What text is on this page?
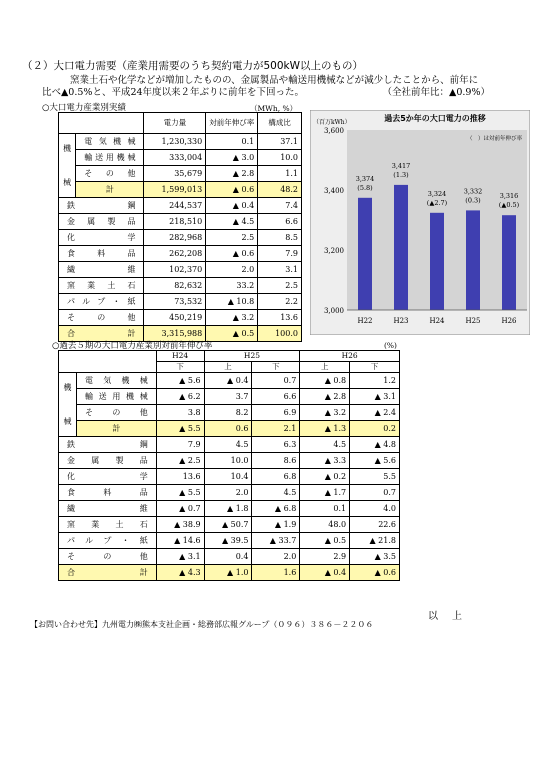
（２）大口電力需要（産業用需要のうち契約電力が500kW以上のもの）
窯業土石や化学などが増加したものの、金属製品や輸送用機械などが減少したことから、前年に
比べ▲0.5%と、平成24年度以来２年ぶりに前年を下回った。	（全社前年比：▲0.9%）
○大口電力産業別実績	（MWh, %）
		電力量	対前年伸び率	構成比

機
械	電気機械	1,230,330	0.1	37.1
	輸送用機械	333,004	▲ 3.0	10.0
	そ の 他	35,679	▲ 2.8	1.1
	計	1,599,013	▲ 0.6	48.2
鉄鋼		244,537	▲ 0.4	7.4
金属製品		218,510	▲ 4.5	6.6
化学		282,968	2.5	8.5
食料品		262,208	▲ 0.6	7.9
繊維		102,370	2.0	3.1
窯業土石		82,632	33.2	2.5
パルプ・紙		73,532	▲ 10.8	2.2
その他		450,219	▲ 3.2	13.6
合計		3,315,988	▲ 0.5	100.0
過去5か年の大口電力の推移
（百万kWh）
（　）は対前年伸び率
3,000
3,200
3,400
3,600
3,374
(5.8)
H22
3,417
(1.3)
H23
3,324
(▲2.7)
H24
3,332
(0.3)
H25
3,316
(▲0.5)
H26
○過去５期の大口電力産業別対前年伸び率	(%)
		H24	H25		H26	
		下	上	下	上	下

機
械	電気機械	▲ 5.6	▲ 0.4	0.7	▲ 0.8	1.2
	輸送用機械	▲ 6.2	3.7	6.6	▲ 2.8	▲ 3.1
	そ の 他	3.8	8.2	6.9	▲ 3.2	▲ 2.4
	計	▲ 5.5	0.6	2.1	▲ 1.3	0.2
鉄鋼		7.9	4.5	6.3	4.5	▲ 4.8
金属製品		▲ 2.5	10.0	8.6	▲ 3.3	▲ 5.6
化学		13.6	10.4	6.8	▲ 0.2	5.5
食料品		▲ 5.5	2.0	4.5	▲ 1.7	0.7
繊維		▲ 0.7	▲ 1.8	▲ 6.8	0.1	4.0
窯業土石		▲ 38.9	▲ 50.7	▲ 1.9	48.0	22.6
パルプ・紙		▲ 14.6	▲ 39.5	▲ 33.7	▲ 0.5	▲ 21.8
その他		▲ 3.1	0.4	2.0	2.9	▲ 3.5
合計		▲ 4.3	▲ 1.0	1.6	▲ 0.4	▲ 0.6
以上
【お問い合わせ先】九州電力㈱熊本支社企画・総務部広報グループ（０９６）３８６－２２０６
